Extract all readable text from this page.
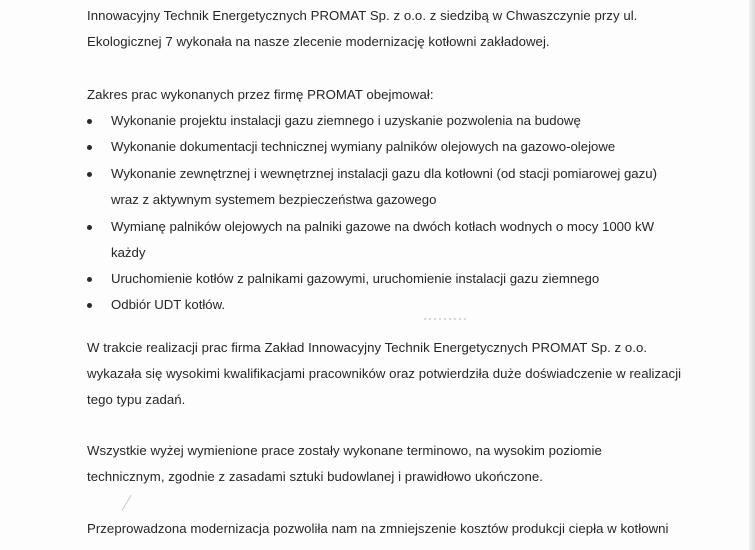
Innowacyjny Technik Energetycznych PROMAT Sp. z o.o. z siedzibą w Chwaszczynie przy ul.
Ekologicznej 7 wykonała na nasze zlecenie modernizację kotłowni zakładowej.
Zakres prac wykonanych przez firmę PROMAT obejmował:
Wykonanie projektu instalacji gazu ziemnego i uzyskanie pozwolenia na budowę
Wykonanie dokumentacji technicznej wymiany palników olejowych na gazowo-olejowe
Wykonanie zewnętrznej i wewnętrznej instalacji gazu dla kotłowni (od stacji pomiarowej gazu)
wraz z aktywnym systemem bezpieczeństwa gazowego
Wymianę palników olejowych na palniki gazowe na dwóch kotłach wodnych o mocy 1000 kW
każdy
Uruchomienie kotłów z palnikami gazowymi, uruchomienie instalacji gazu ziemnego
Odbiór UDT kotłów.
W trakcie realizacji prac firma Zakład Innowacyjny Technik Energetycznych PROMAT Sp. z o.o.
wykazała się wysokimi kwalifikacjami pracowników oraz potwierdziła duże doświadczenie w realizacji
tego typu zadań.
Wszystkie wyżej wymienione prace zostały wykonane terminowo, na wysokim poziomie
technicznym, zgodnie z zasadami sztuki budowlanej i prawidłowo ukończone.
Przeprowadzona modernizacja pozwoliła nam na zmniejszenie kosztów produkcji ciepła w kotłowni
